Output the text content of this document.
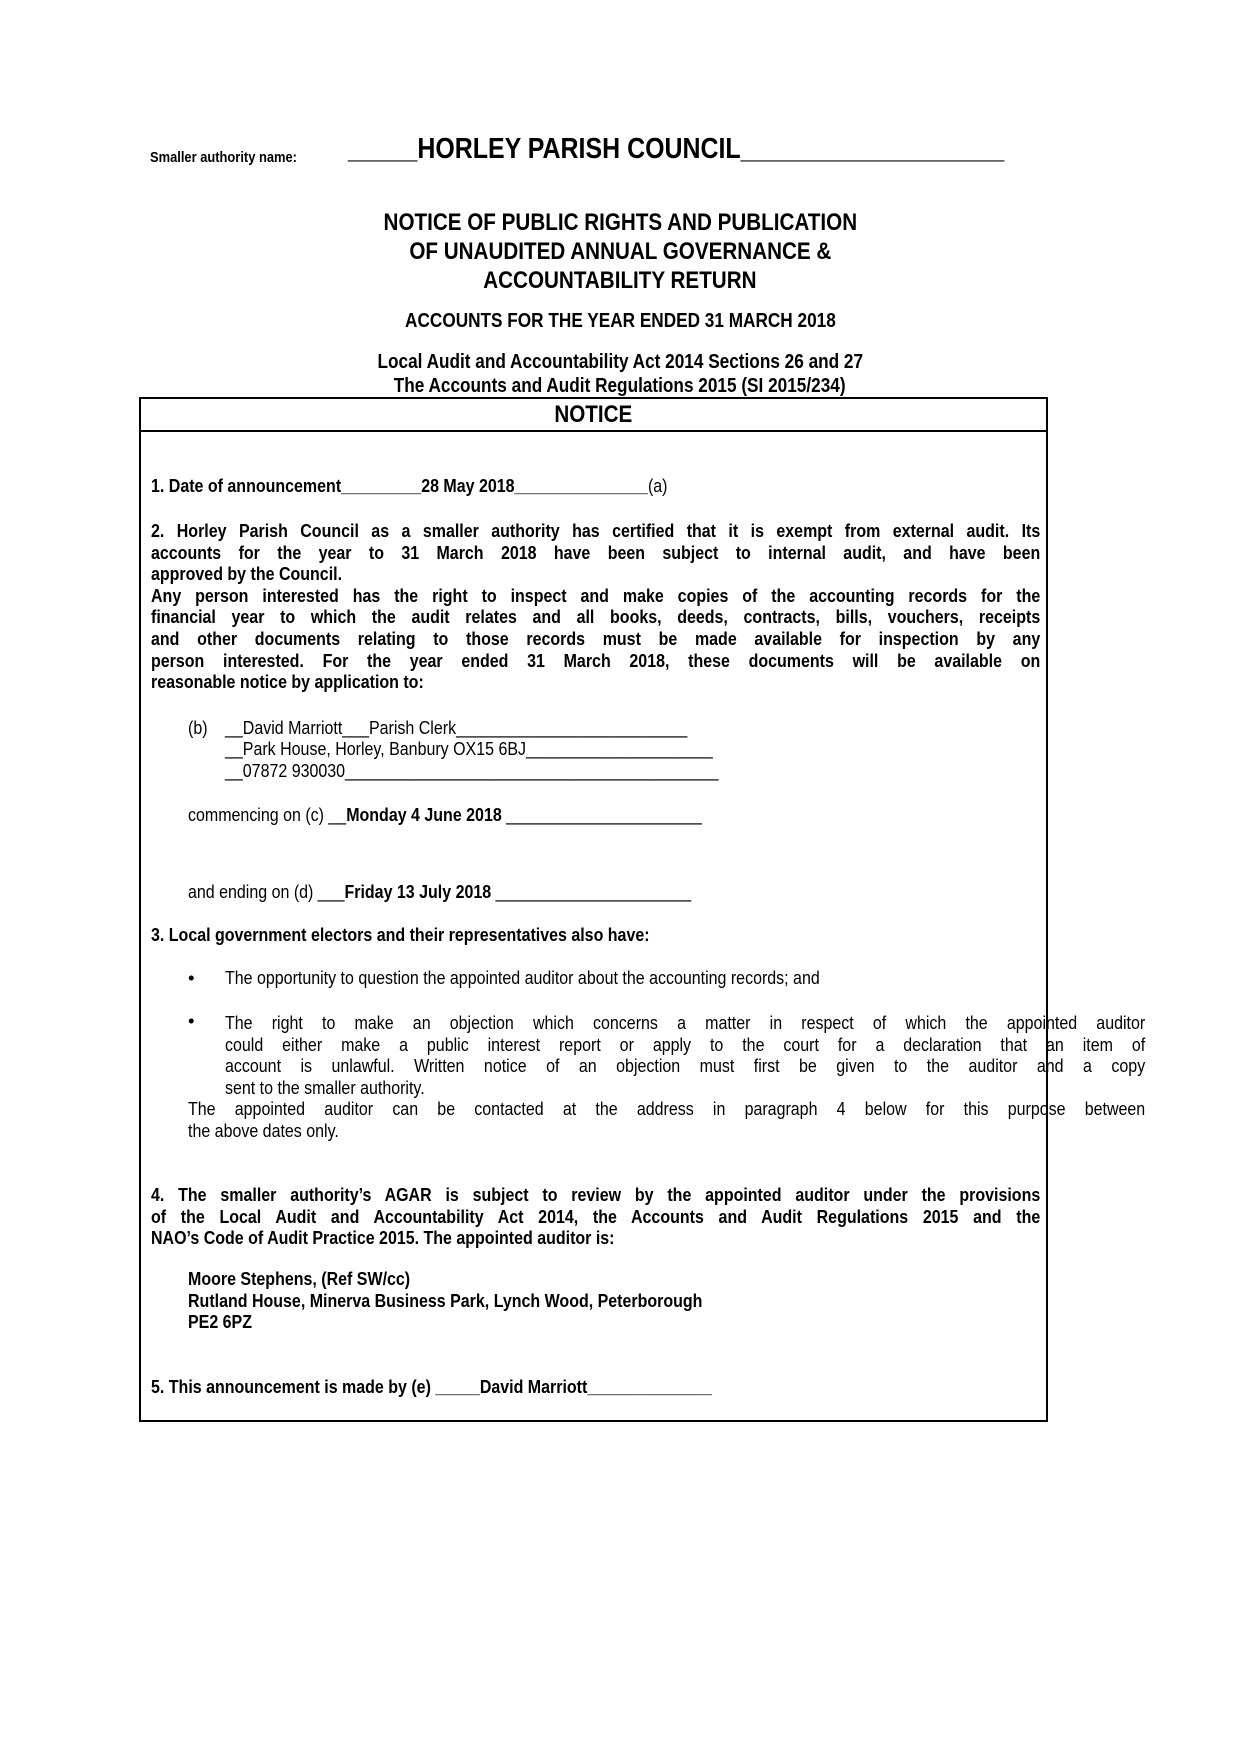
Smaller authority name: _____HORLEY PARISH COUNCIL___________________
NOTICE OF PUBLIC RIGHTS AND PUBLICATION
OF UNAUDITED ANNUAL GOVERNANCE &
ACCOUNTABILITY RETURN
ACCOUNTS FOR THE YEAR ENDED 31 MARCH 2018
Local Audit and Accountability Act 2014 Sections 26 and 27
The Accounts and Audit Regulations 2015 (SI 2015/234)
NOTICE
1. Date of announcement_________28 May 2018_______________(a)
2. Horley Parish Council as a smaller authority has certified that it is exempt from external audit. Its
accounts for the year to 31 March 2018 have been subject to internal audit, and have been
approved by the Council.
Any person interested has the right to inspect and make copies of the accounting records for the
financial year to which the audit relates and all books, deeds, contracts, bills, vouchers, receipts
and other documents relating to those records must be made available for inspection by any
person interested. For the year ended 31 March 2018, these documents will be available on
reasonable notice by application to:
(b) __David Marriott___Parish Clerk__________________________
__Park House, Horley, Banbury OX15 6BJ_____________________
__07872 930030__________________________________________
commencing on (c) __Monday 4 June 2018 ______________________
and ending on (d) ___Friday 13 July 2018 ______________________
3. Local government electors and their representatives also have:
• The opportunity to question the appointed auditor about the accounting records; and
• The right to make an objection which concerns a matter in respect of which the appointed auditor
could either make a public interest report or apply to the court for a declaration that an item of
account is unlawful. Written notice of an objection must first be given to the auditor and a copy
sent to the smaller authority.
The appointed auditor can be contacted at the address in paragraph 4 below for this purpose between
the above dates only.
4. The smaller authority’s AGAR is subject to review by the appointed auditor under the provisions
of the Local Audit and Accountability Act 2014, the Accounts and Audit Regulations 2015 and the
NAO’s Code of Audit Practice 2015. The appointed auditor is:
Moore Stephens, (Ref SW/cc)
Rutland House, Minerva Business Park, Lynch Wood, Peterborough
PE2 6PZ
5. This announcement is made by (e) _____David Marriott______________
